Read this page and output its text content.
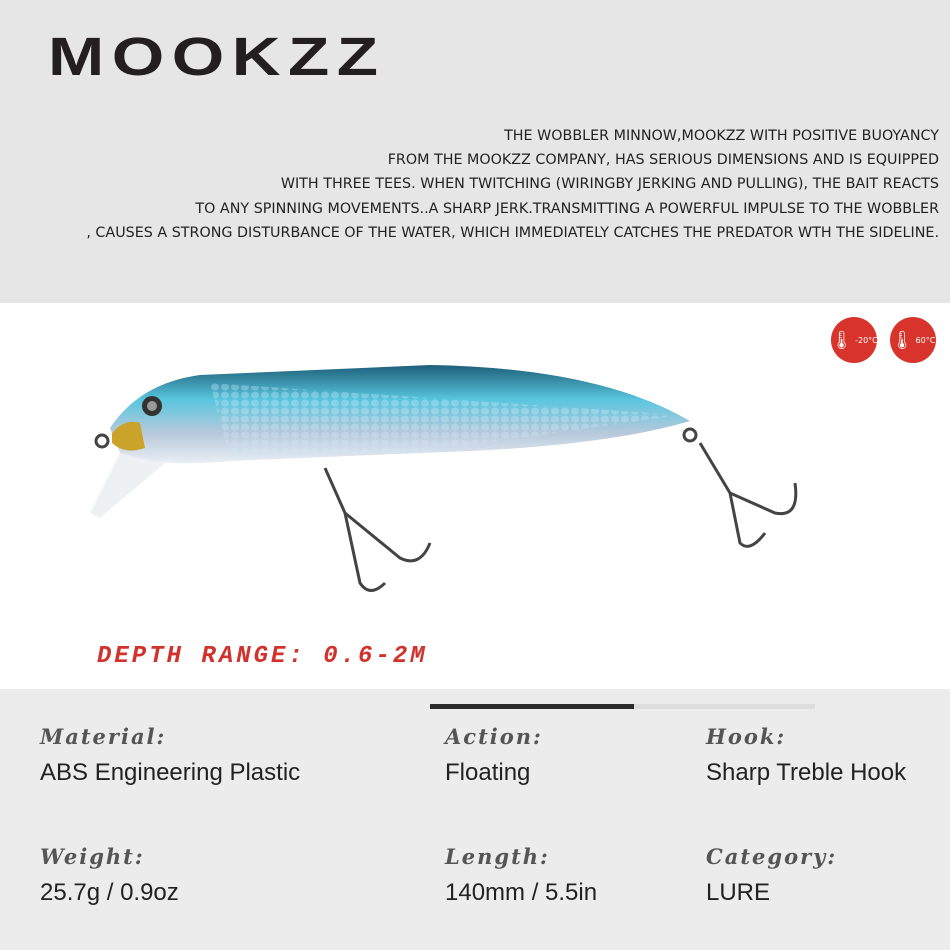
MOOKZZ
THE WOBBLER MINNOW,MOOKZZ WITH POSITIVE BUOYANCY
FROM THE MOOKZZ COMPANY, HAS SERIOUS DIMENSIONS AND IS EQUIPPED
WITH THREE TEES. WHEN TWITCHING (WIRINGBY JERKING AND PULLING), THE BAIT REACTS
TO ANY SPINNING MOVEMENTS..A SHARP JERK.TRANSMITTING A POWERFUL IMPULSE TO THE WOBBLER
, CAUSES A STRONG DISTURBANCE OF THE WATER, WHICH IMMEDIATELY CATCHES THE PREDATOR WTH THE SIDELINE.
🌡 -20°C 🌡 60°C
DEPTH RANGE: 0.6-2M
Material:
ABS Engineering Plastic
Action:
Floating
Hook:
Sharp Treble Hook
Weight:
25.7g / 0.9oz
Length:
140mm / 5.5in
Category:
LURE
